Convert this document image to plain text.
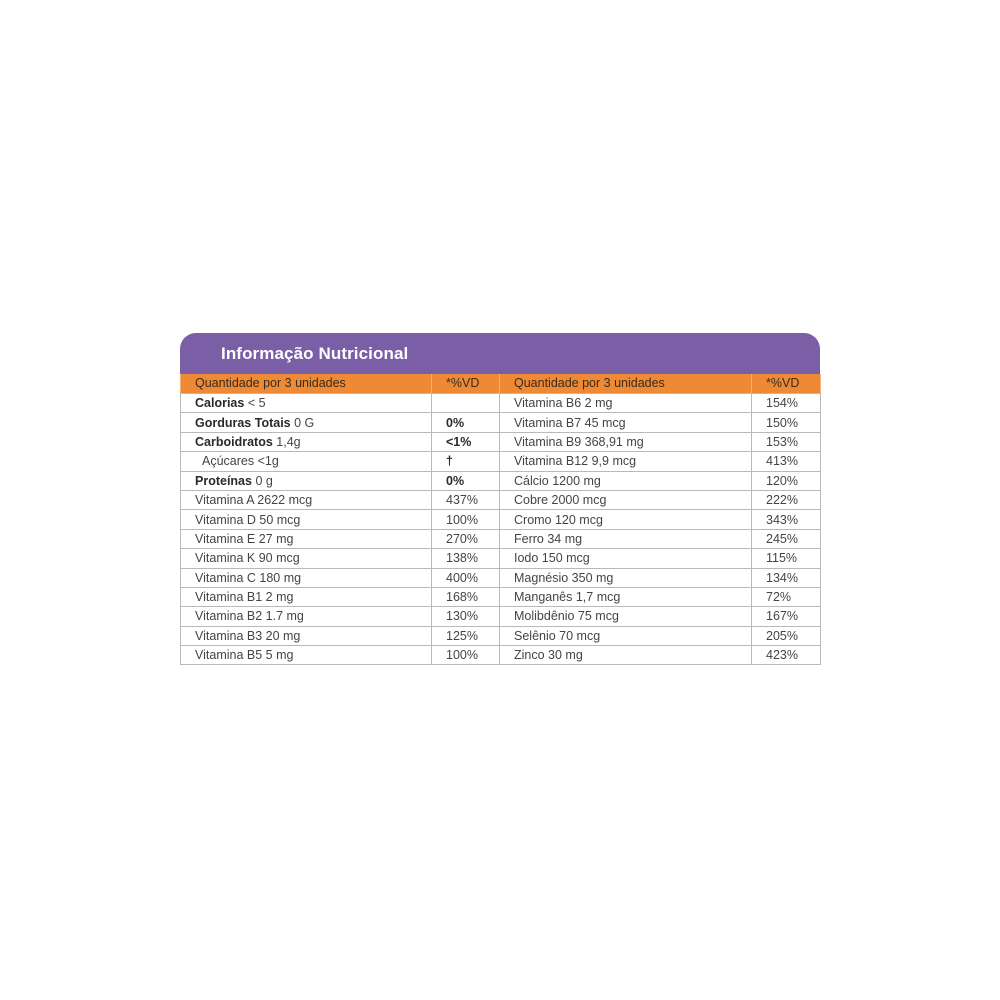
Informação Nutricional
Quantidade por 3 unidades	*%VD	Quantidade por 3 unidades	*%VD
Calorias < 5		Vitamina B6 2 mg	154%
Gorduras Totais 0 G	0%	Vitamina B7 45 mcg	150%
Carboidratos 1,4g	<1%	Vitamina B9 368,91 mg	153%
Açúcares <1g	†	Vitamina B12 9,9 mcg	413%
Proteínas 0 g	0%	Cálcio 1200 mg	120%
Vitamina A 2622 mcg	437%	Cobre 2000 mcg	222%
Vitamina D 50 mcg	100%	Cromo 120 mcg	343%
Vitamina E 27 mg	270%	Ferro 34 mg	245%
Vitamina K 90 mcg	138%	Iodo 150 mcg	115%
Vitamina C 180 mg	400%	Magnésio 350 mg	134%
Vitamina B1 2 mg	168%	Manganês 1,7 mcg	72%
Vitamina B2 1.7 mg	130%	Molibdênio 75 mcg	167%
Vitamina B3 20 mg	125%	Selênio 70 mcg	205%
Vitamina B5 5 mg	100%	Zinco 30 mg	423%
